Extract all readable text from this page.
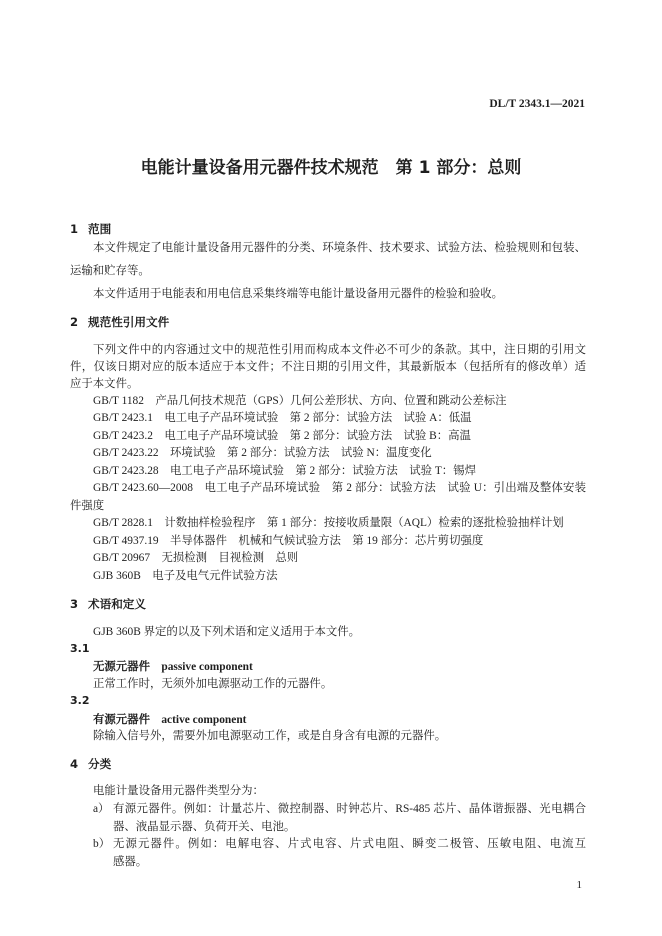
DL/T 2343.1—2021
电能计量设备用元器件技术规范 第 1 部分：总则
1 范围
本文件规定了电能计量设备用元器件的分类、环境条件、技术要求、试验方法、检验规则和包装、
运输和贮存等。
本文件适用于电能表和用电信息采集终端等电能计量设备用元器件的检验和验收。
2 规范性引用文件
下列文件中的内容通过文中的规范性引用而构成本文件必不可少的条款。其中，注日期的引用文
件，仅该日期对应的版本适应于本文件；不注日期的引用文件，其最新版本（包括所有的修改单）适
应于本文件。
GB/T 1182 产品几何技术规范（GPS）几何公差形状、方向、位置和跳动公差标注
GB/T 2423.1 电工电子产品环境试验　第 2 部分：试验方法　试验 A：低温
GB/T 2423.2 电工电子产品环境试验　第 2 部分：试验方法　试验 B：高温
GB/T 2423.22 环境试验　第 2 部分：试验方法　试验 N：温度变化
GB/T 2423.28 电工电子产品环境试验　第 2 部分：试验方法　试验 T：锡焊
GB/T 2423.60—2008 电工电子产品环境试验　第 2 部分：试验方法　试验 U：引出端及整体安装
件强度
GB/T 2828.1 计数抽样检验程序　第 1 部分：按接收质量限（AQL）检索的逐批检验抽样计划
GB/T 4937.19 半导体器件　机械和气候试验方法　第 19 部分：芯片剪切强度
GB/T 20967 无损检测　目视检测　总则
GJB 360B 电子及电气元件试验方法
3 术语和定义
GJB 360B 界定的以及下列术语和定义适用于本文件。
3.1
无源元器件 passive component
正常工作时，无须外加电源驱动工作的元器件。
3.2
有源元器件 active component
除输入信号外，需要外加电源驱动工作，或是自身含有电源的元器件。
4 分类
电能计量设备用元器件类型分为：
a） 有源元器件。例如：计量芯片、微控制器、时钟芯片、RS-485 芯片、晶体谐振器、光电耦合
器、液晶显示器、负荷开关、电池。
b） 无源元器件。例如：电解电容、片式电容、片式电阻、瞬变二极管、压敏电阻、电流互
感器。
1
